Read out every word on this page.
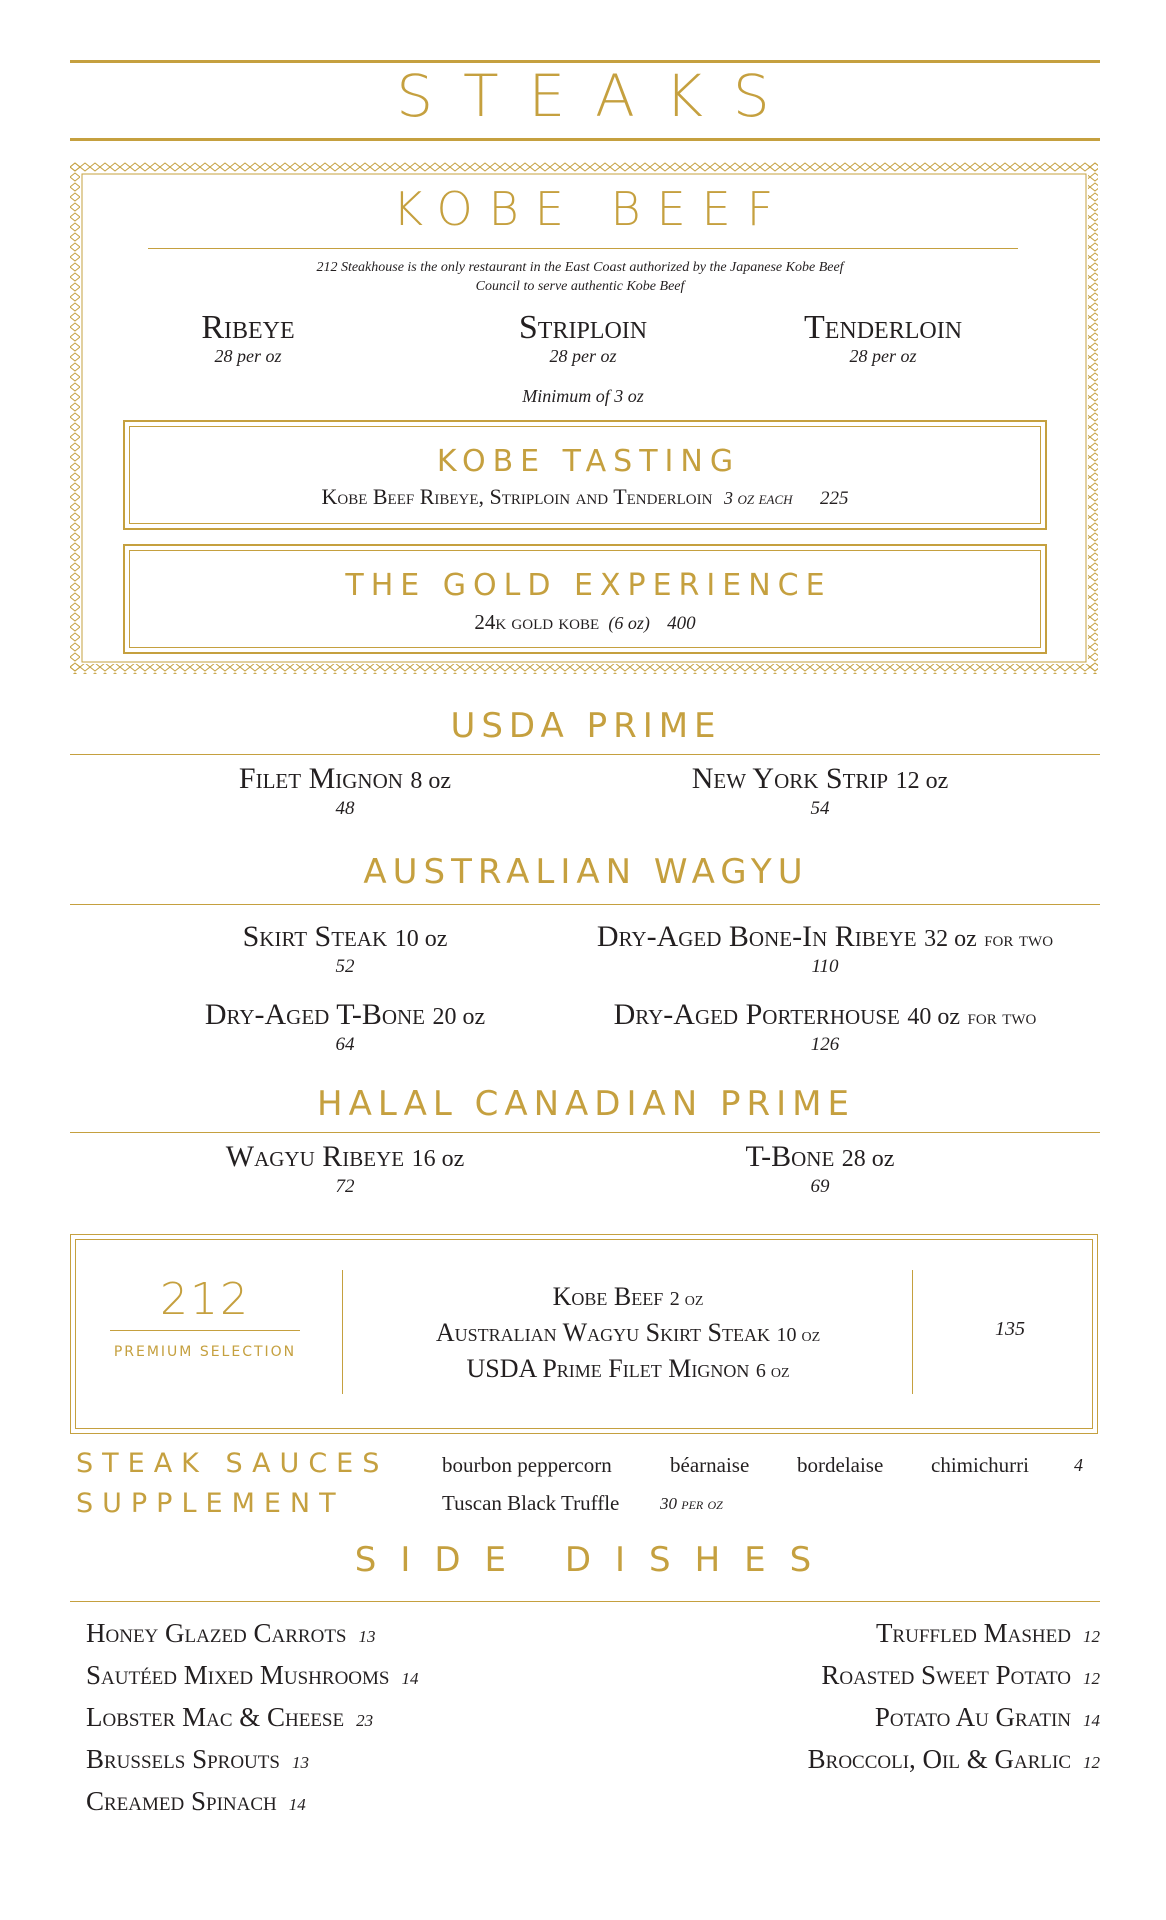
STEAKS
KOBE BEEF
212 Steakhouse is the only restaurant in the East Coast authorized by the Japanese Kobe Beef Council to serve authentic Kobe Beef
Ribeye
28 per oz
Striploin
28 per oz
Tenderloin
28 per oz
Minimum of 3 oz
KOBE TASTING
Kobe Beef Ribeye, Striploin and Tenderloin 3 oz each 225
THE GOLD EXPERIENCE
24k gold kobe (6 oz) 400
USDA PRIME
Filet Mignon 8 oz
48
New York Strip 12 oz
54
AUSTRALIAN WAGYU
Skirt Steak 10 oz
52
Dry-Aged Bone-In Ribeye 32 oz for two
110
Dry-Aged T-Bone 20 oz
64
Dry-Aged Porterhouse 40 oz for two
126
HALAL CANADIAN PRIME
Wagyu Ribeye 16 oz
72
T-Bone 28 oz
69
212
PREMIUM SELECTION
Kobe Beef 2 oz
Australian Wagyu Skirt Steak 10 oz
USDA Prime Filet Mignon 6 oz
135
STEAK SAUCES
SUPPLEMENT
bourbon peppercorn	béarnaise bordelaise chimichurri	4
Tuscan Black Truffle 30 per oz
SIDE DISHES
Honey Glazed Carrots 13
Sautéed Mixed Mushrooms 14
Lobster Mac & Cheese 23
Brussels Sprouts 13
Creamed Spinach 14
Truffled Mashed 12
Roasted Sweet Potato 12
Potato Au Gratin 14
Broccoli, Oil & Garlic 12
